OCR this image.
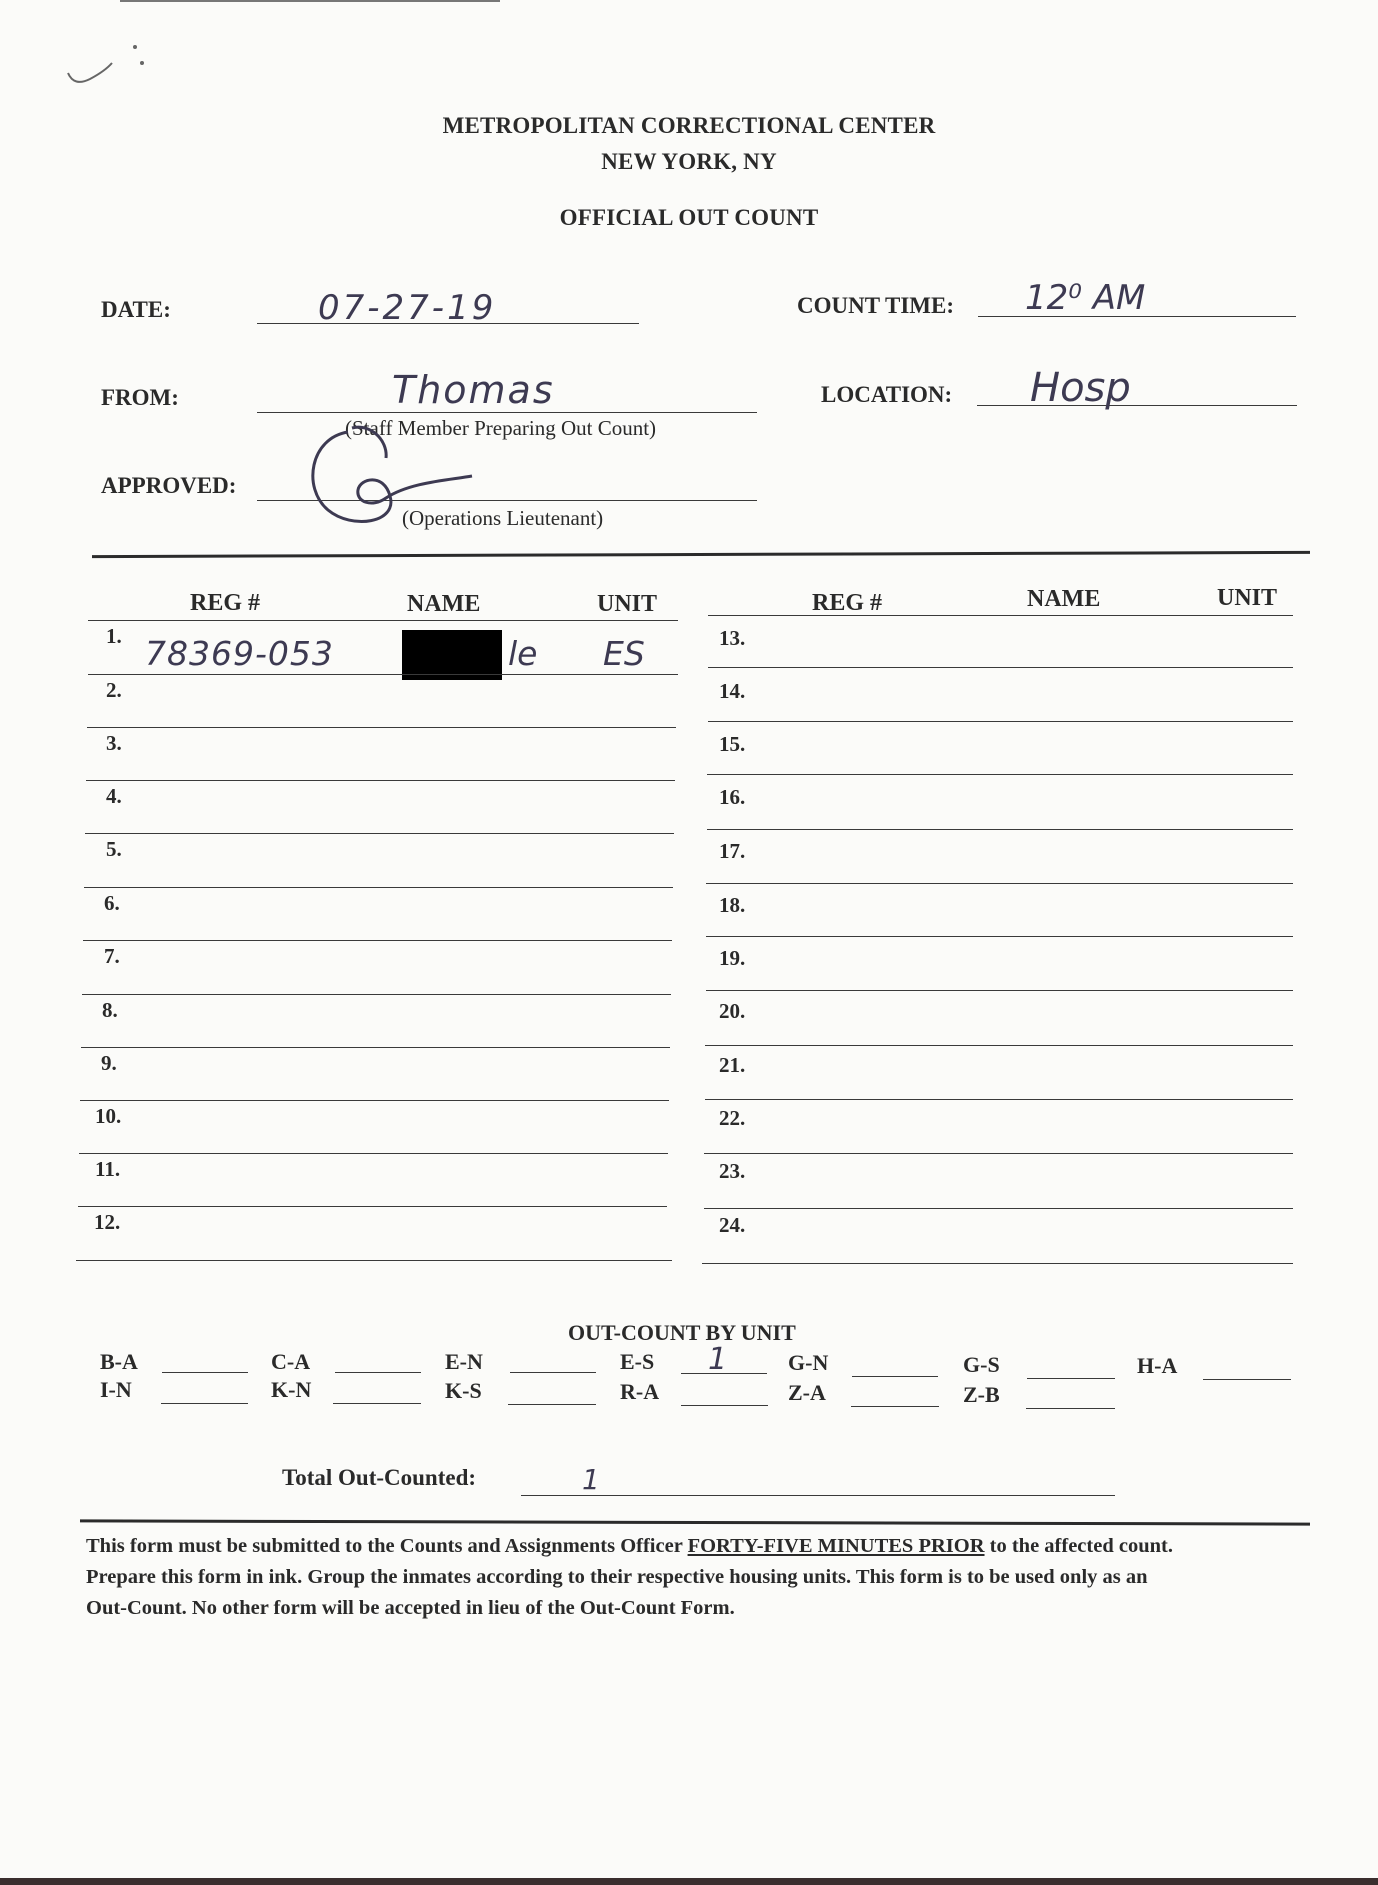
METROPOLITAN CORRECTIONAL CENTER
NEW YORK, NY
OFFICIAL OUT COUNT
DATE:	07-27-19	COUNT TIME: 12⁰ AM
FROM:	Thomas
(Staff Member Preparing Out Count)
LOCATION: Hosp
APPROVED:
(Operations Lieutenant)
REG #	NAME	UNIT	REG #	NAME	UNIT
1. 78369-053	le ES
2.
3.
4.
5.
6.
7.
8.
9.
10.
11.
12.
13.
14.
15.
16.
17.
18.
19.
20.
21.
22.
23.
24.
OUT-COUNT BY UNIT
B-A	C-A	E-N	E-S 1	G-N	G-S	H-A
I-N	K-N	K-S	R-A	Z-A	Z-B
Total Out-Counted:	1
This form must be submitted to the Counts and Assignments Officer FORTY-FIVE MINUTES PRIOR to the affected count.
Prepare this form in ink. Group the inmates according to their respective housing units. This form is to be used only as an
Out-Count. No other form will be accepted in lieu of the Out-Count Form.
